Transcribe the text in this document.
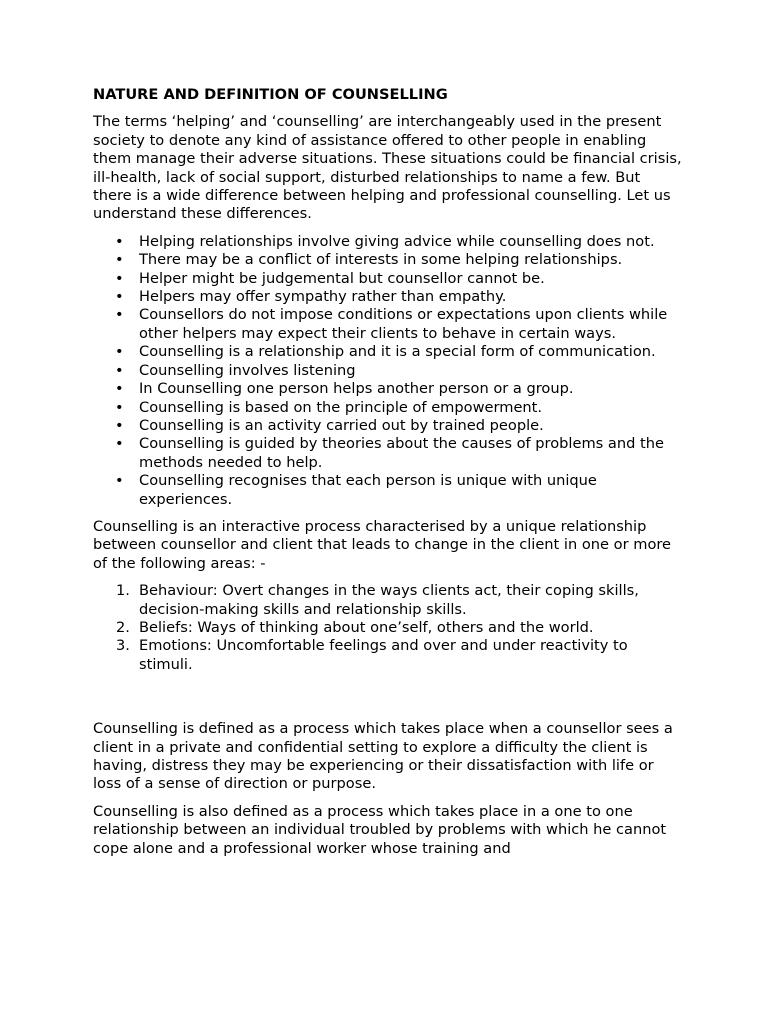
NATURE AND DEFINITION OF COUNSELLING

The terms ‘helping’ and ‘counselling’ are interchangeably used in the present society to denote any kind of assistance offered to other people in enabling them manage their adverse situations. These situations could be financial crisis, ill-health, lack of social support, disturbed relationships to name a few. But there is a wide difference between helping and professional counselling. Let us understand these differences.

• Helping relationships involve giving advice while counselling does not.
• There may be a conflict of interests in some helping relationships.
• Helper might be judgemental but counsellor cannot be.
• Helpers may offer sympathy rather than empathy.
• Counsellors do not impose conditions or expectations upon clients while other helpers may expect their clients to behave in certain ways.
• Counselling is a relationship and it is a special form of communication.
• Counselling involves listening
• In Counselling one person helps another person or a group.
• Counselling is based on the principle of empowerment.
• Counselling is an activity carried out by trained people.
• Counselling is guided by theories about the causes of problems and the methods needed to help.
• Counselling recognises that each person is unique with unique experiences.

Counselling is an interactive process characterised by a unique relationship between counsellor and client that leads to change in the client in one or more of the following areas: -

1. Behaviour: Overt changes in the ways clients act, their coping skills, decision-making skills and relationship skills.
2. Beliefs: Ways of thinking about one’self, others and the world.
3. Emotions: Uncomfortable feelings and over and under reactivity to stimuli.

Counselling is defined as a process which takes place when a counsellor sees a client in a private and confidential setting to explore a difficulty the client is having, distress they may be experiencing or their dissatisfaction with life or loss of a sense of direction or purpose.

Counselling is also defined as a process which takes place in a one to one relationship between an individual troubled by problems with which he cannot cope alone and a professional worker whose training and
